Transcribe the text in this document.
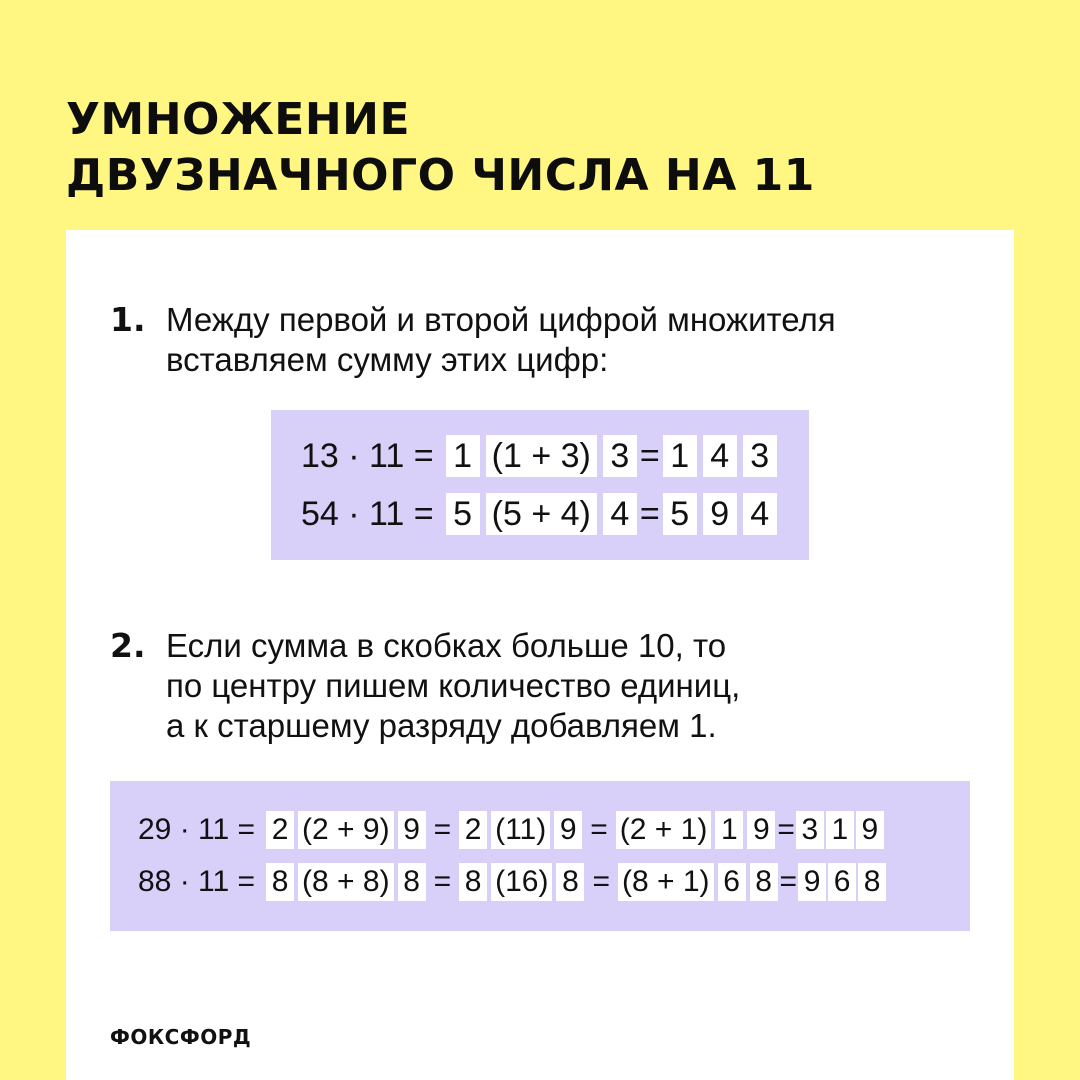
УМНОЖЕНИЕ
ДВУЗНАЧНОГО ЧИСЛА НА 11
1. Между первой и второй цифрой множителя
вставляем сумму этих цифр:
13 · 11 = 1 (1 + 3) 3 = 1 4 3
54 · 11 = 5 (5 + 4) 4 = 5 9 4
2. Если сумма в скобках больше 10, то
по центру пишем количество единиц,
а к старшему разряду добавляем 1.
29 · 11 = 2 (2 + 9) 9 = 2 (11) 9 = (2 + 1) 1 9 = 3 1 9
88 · 11 = 8 (8 + 8) 8 = 8 (16) 8 = (8 + 1) 6 8 = 9 6 8
ФОКСФОРД
